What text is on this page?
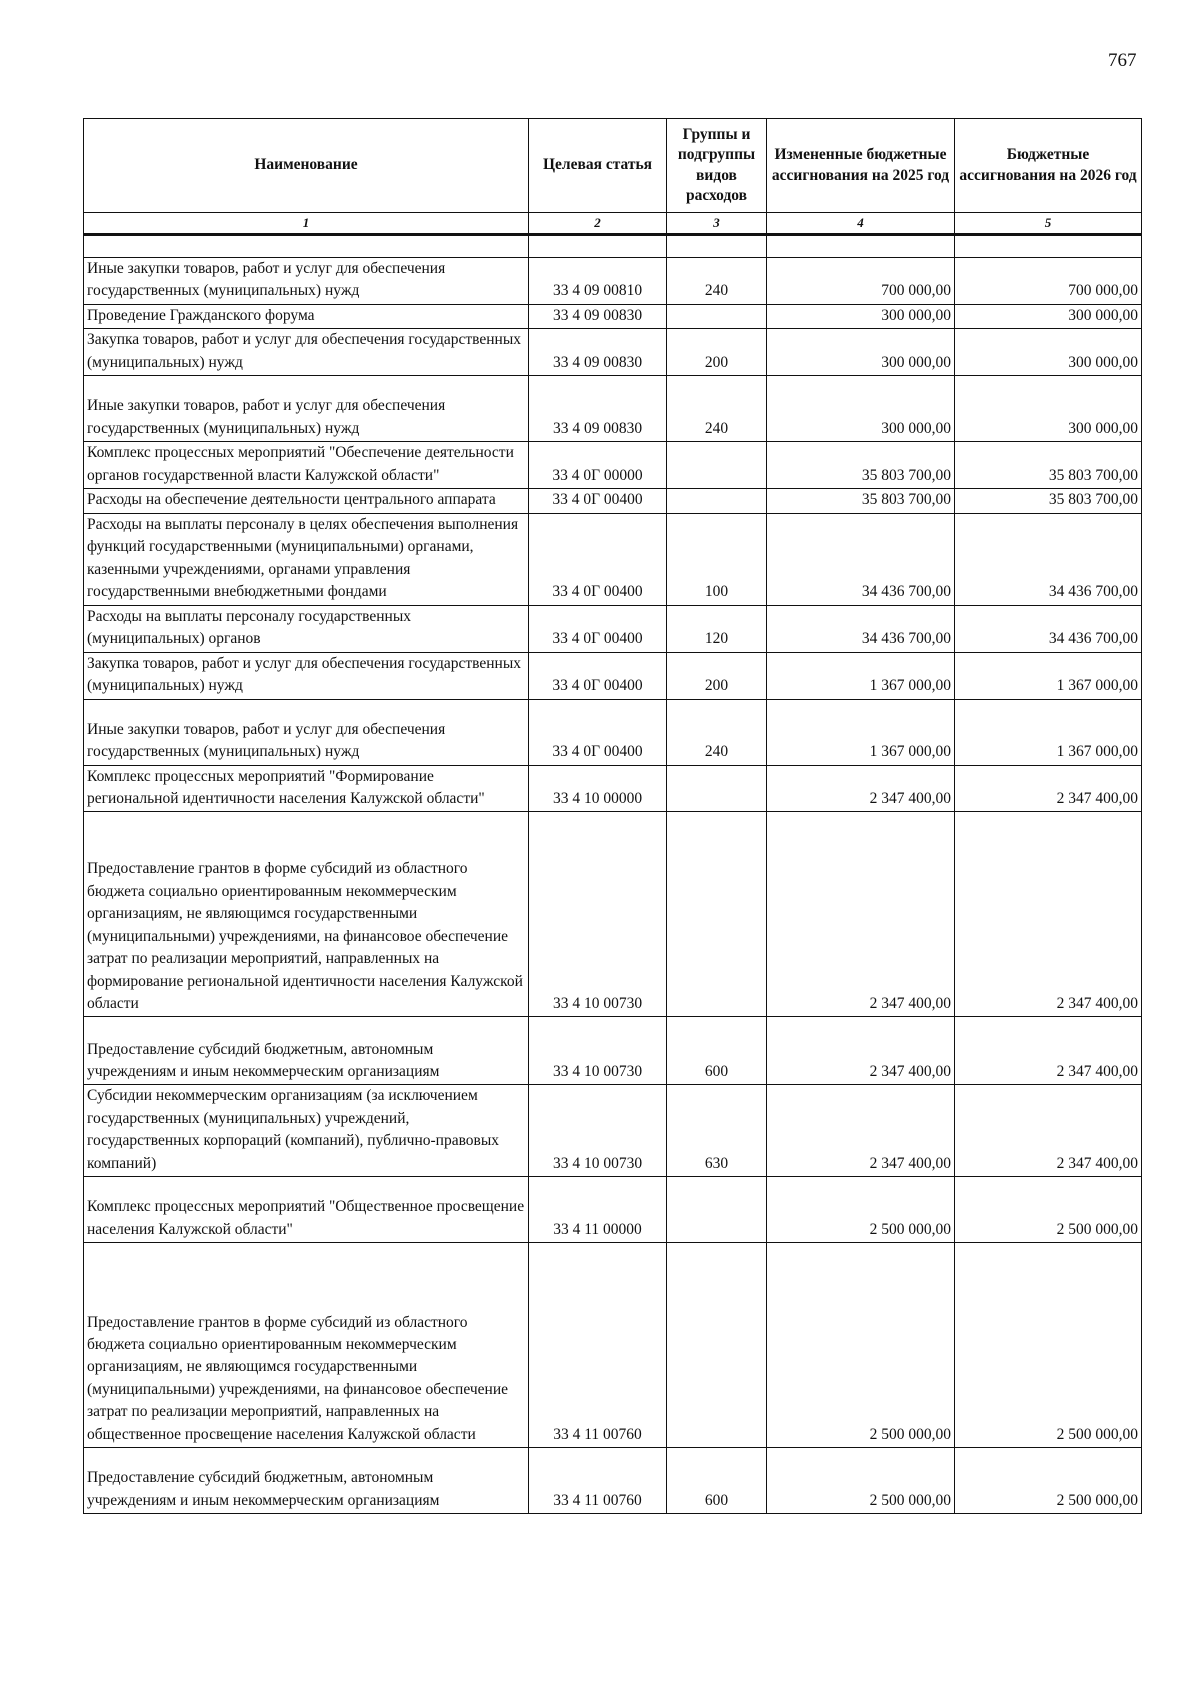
767
Наименование	Целевая статья	Группы и подгруппы видов расходов	Измененные бюджетные ассигнования на 2025 год	Бюджетные ассигнования на 2026 год
1	2	3	4	5

Иные закупки товаров, работ и услуг для обеспечения государственных (муниципальных) нужд	33 4 09 00810	240	700 000,00	700 000,00
Проведение Гражданского форума	33 4 09 00830		300 000,00	300 000,00
Закупка товаров, работ и услуг для обеспечения государственных (муниципальных) нужд	33 4 09 00830	200	300 000,00	300 000,00
Иные закупки товаров, работ и услуг для обеспечения государственных (муниципальных) нужд	33 4 09 00830	240	300 000,00	300 000,00
Комплекс процессных мероприятий "Обеспечение деятельности органов государственной власти Калужской области"	33 4 0Г 00000		35 803 700,00	35 803 700,00
Расходы на обеспечение деятельности центрального аппарата	33 4 0Г 00400		35 803 700,00	35 803 700,00
Расходы на выплаты персоналу в целях обеспечения выполнения функций государственными (муниципальными) органами, казенными учреждениями, органами управления государственными внебюджетными фондами	33 4 0Г 00400	100	34 436 700,00	34 436 700,00
Расходы на выплаты персоналу государственных (муниципальных) органов	33 4 0Г 00400	120	34 436 700,00	34 436 700,00
Закупка товаров, работ и услуг для обеспечения государственных (муниципальных) нужд	33 4 0Г 00400	200	1 367 000,00	1 367 000,00
Иные закупки товаров, работ и услуг для обеспечения государственных (муниципальных) нужд	33 4 0Г 00400	240	1 367 000,00	1 367 000,00
Комплекс процессных мероприятий "Формирование региональной идентичности населения Калужской области"	33 4 10 00000		2 347 400,00	2 347 400,00
Предоставление грантов в форме субсидий из областного бюджета социально ориентированным некоммерческим организациям, не являющимся государственными (муниципальными) учреждениями, на финансовое обеспечение затрат по реализации мероприятий, направленных на формирование региональной идентичности населения Калужской области	33 4 10 00730		2 347 400,00	2 347 400,00
Предоставление субсидий бюджетным, автономным учреждениям и иным некоммерческим организациям	33 4 10 00730	600	2 347 400,00	2 347 400,00
Субсидии некоммерческим организациям (за исключением государственных (муниципальных) учреждений, государственных корпораций (компаний), публично-правовых компаний)	33 4 10 00730	630	2 347 400,00	2 347 400,00
Комплекс процессных мероприятий "Общественное просвещение населения Калужской области"	33 4 11 00000		2 500 000,00	2 500 000,00
Предоставление грантов в форме субсидий из областного бюджета социально ориентированным некоммерческим организациям, не являющимся государственными (муниципальными) учреждениями, на финансовое обеспечение затрат по реализации мероприятий, направленных на общественное просвещение населения Калужской области	33 4 11 00760		2 500 000,00	2 500 000,00
Предоставление субсидий бюджетным, автономным учреждениям и иным некоммерческим организациям	33 4 11 00760	600	2 500 000,00	2 500 000,00
